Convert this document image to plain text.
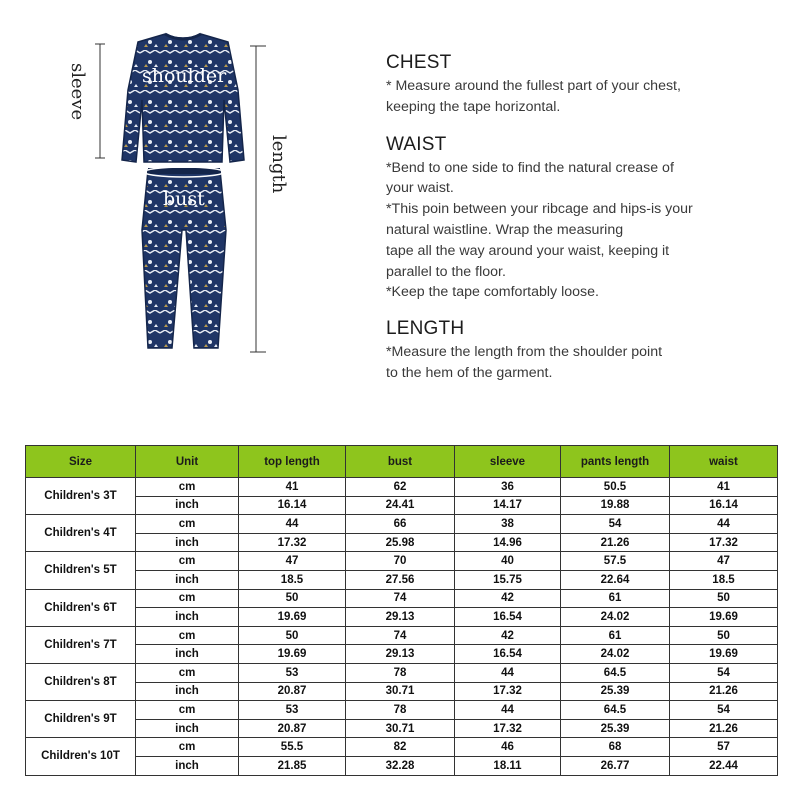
shoulder
bust
sleeve
length
CHEST
* Measure around the fullest part of your chest,
keeping the tape horizontal.
WAIST
*Bend to one side to find the natural crease of
your waist.
*This poin between your ribcage and hips-is your
natural waistline. Wrap the measuring
tape all the way around your waist, keeping it
parallel to the floor.
*Keep the tape comfortably loose.
LENGTH
*Measure the length from the shoulder point
to the hem of the garment.
Size	Unit	top length	bust	sleeve	pants length	waist
Children's 3T	cm	41	62	36	50.5	41
	inch	16.14	24.41	14.17	19.88	16.14
Children's 4T	cm	44	66	38	54	44
	inch	17.32	25.98	14.96	21.26	17.32
Children's 5T	cm	47	70	40	57.5	47
	inch	18.5	27.56	15.75	22.64	18.5
Children's 6T	cm	50	74	42	61	50
	inch	19.69	29.13	16.54	24.02	19.69
Children's 7T	cm	50	74	42	61	50
	inch	19.69	29.13	16.54	24.02	19.69
Children's 8T	cm	53	78	44	64.5	54
	inch	20.87	30.71	17.32	25.39	21.26
Children's 9T	cm	53	78	44	64.5	54
	inch	20.87	30.71	17.32	25.39	21.26
Children's 10T	cm	55.5	82	46	68	57
	inch	21.85	32.28	18.11	26.77	22.44
